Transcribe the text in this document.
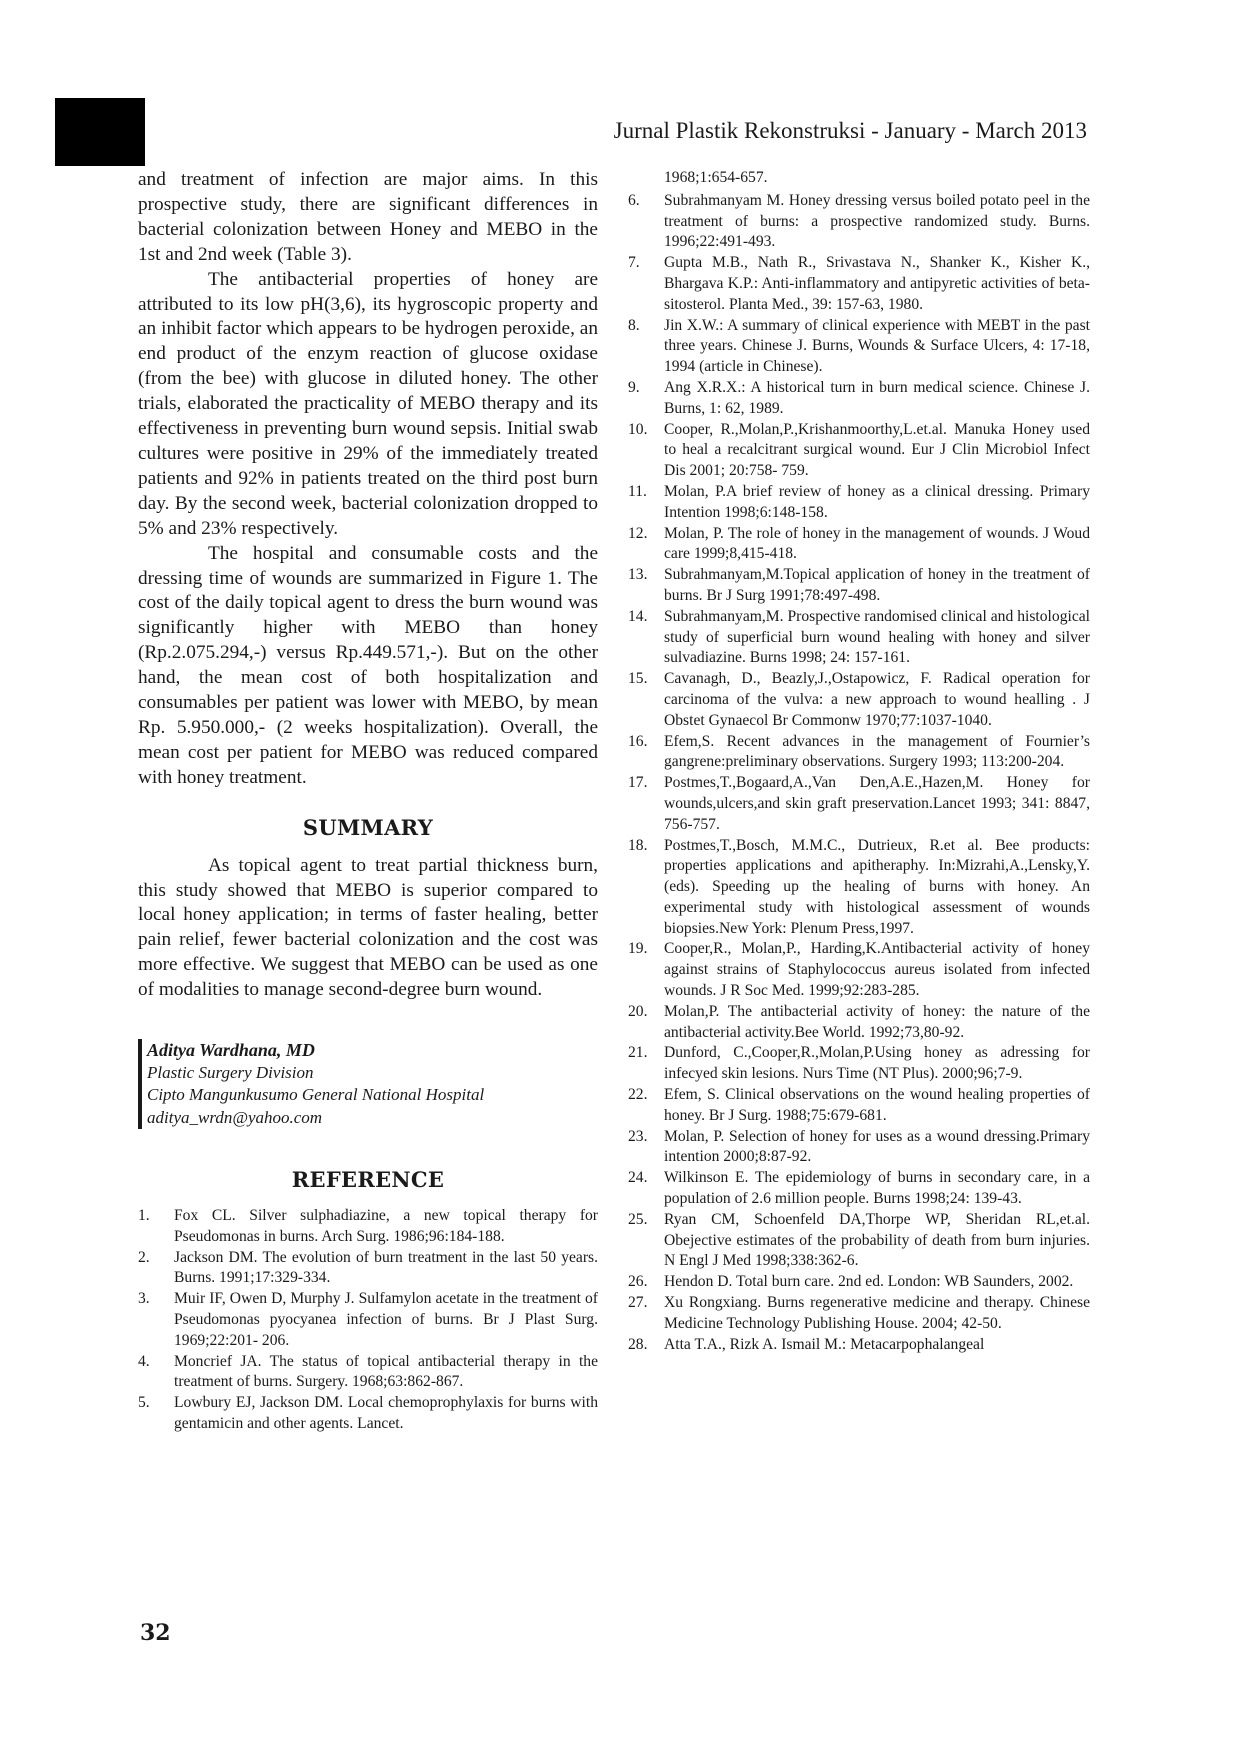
Jurnal Plastik Rekonstruksi - January - March 2013

and treatment of infection are major aims. In this prospective study, there are significant differences in bacterial colonization between Honey and MEBO in the 1st and 2nd week (Table 3).

The antibacterial properties of honey are attributed to its low pH(3,6), its hygroscopic property and an inhibit factor which appears to be hydrogen peroxide, an end product of the enzym reaction of glucose oxidase (from the bee) with glucose in diluted honey. The other trials, elaborated the practicality of MEBO therapy and its effectiveness in preventing burn wound sepsis. Initial swab cultures were positive in 29% of the immediately treated patients and 92% in patients treated on the third post burn day. By the second week, bacterial colonization dropped to 5% and 23% respectively.

The hospital and consumable costs and the dressing time of wounds are summarized in Figure 1. The cost of the daily topical agent to dress the burn wound was significantly higher with MEBO than honey (Rp.2.075.294,-) versus Rp.449.571,-). But on the other hand, the mean cost of both hospitalization and consumables per patient was lower with MEBO, by mean Rp. 5.950.000,- (2 weeks hospitalization). Overall, the mean cost per patient for MEBO was reduced compared with honey treatment.

SUMMARY

As topical agent to treat partial thickness burn, this study showed that MEBO is superior compared to local honey application; in terms of faster healing, better pain relief, fewer bacterial colonization and the cost was more effective. We suggest that MEBO can be used as one of modalities to manage second-degree burn wound.

Aditya Wardhana, MD
Plastic Surgery Division
Cipto Mangunkusumo General National Hospital
aditya_wrdn@yahoo.com
REFERENCE
1.	Fox CL. Silver sulphadiazine, a new topical therapy for Pseudomonas in burns. Arch Surg. 1986;96:184-188.
2.	Jackson DM. The evolution of burn treatment in the last 50 years. Burns. 1991;17:329-334.
3.	Muir IF, Owen D, Murphy J. Sulfamylon acetate in the treatment of Pseudomonas pyocyanea infection of burns. Br J Plast Surg. 1969;22:201- 206.
4.	Moncrief JA. The status of topical antibacterial therapy in the treatment of burns. Surgery. 1968;63:862-867.
5.	Lowbury EJ, Jackson DM. Local chemoprophylaxis for burns with gentamicin and other agents. Lancet.

1968;1:654-657.

6.	Subrahmanyam M. Honey dressing versus boiled potato peel in the treatment of burns: a prospective randomized study. Burns. 1996;22:491-493.
7.	Gupta M.B., Nath R., Srivastava N., Shanker K., Kisher K., Bhargava K.P.: Anti-inflammatory and antipyretic activities of beta-sitosterol. Planta Med., 39: 157-63, 1980.
8.	Jin X.W.: A summary of clinical experience with MEBT in the past three years. Chinese J. Burns, Wounds & Surface Ulcers, 4: 17-18, 1994 (article in Chinese).
9.	Ang X.R.X.: A historical turn in burn medical science. Chinese J. Burns, 1: 62, 1989.
10.	Cooper, R.,Molan,P.,Krishanmoorthy,L.et.al. Manuka Honey used to heal a recalcitrant surgical wound. Eur J Clin Microbiol Infect Dis 2001; 20:758- 759.
11.	Molan, P.A brief review of honey as a clinical dressing. Primary Intention 1998;6:148-158.
12.	Molan, P. The role of honey in the management of wounds. J Woud care 1999;8,415-418.
13.	Subrahmanyam,M.Topical application of honey in the treatment of burns. Br J Surg 1991;78:497-498.
14.	Subrahmanyam,M. Prospective randomised clinical and histological study of superficial burn wound healing with honey and silver sulvadiazine. Burns 1998; 24: 157-161.
15.	Cavanagh, D., Beazly,J.,Ostapowicz, F. Radical operation for carcinoma of the vulva: a new approach to wound healling . J Obstet Gynaecol Br Commonw 1970;77:1037-1040.
16.	Efem,S. Recent advances in the management of Fournier’s gangrene:preliminary observations. Surgery 1993; 113:200-204.
17.	Postmes,T.,Bogaard,A.,Van Den,A.E.,Hazen,M. Honey for wounds,ulcers,and skin graft preservation.Lancet 1993; 341: 8847, 756-757.
18.	Postmes,T.,Bosch, M.M.C., Dutrieux, R.et al. Bee products: properties applications and apitheraphy. In:Mizrahi,A.,Lensky,Y.(eds). Speeding up the healing of burns with honey. An experimental study with histological assessment of wounds biopsies.New York: Plenum Press,1997.
19.	Cooper,R., Molan,P., Harding,K.Antibacterial activity of honey against strains of Staphylococcus aureus isolated from infected wounds. J R Soc Med. 1999;92:283-285.
20.	Molan,P. The antibacterial activity of honey: the nature of the antibacterial activity.Bee World. 1992;73,80-92.
21.	Dunford, C.,Cooper,R.,Molan,P.Using honey as adressing for infecyed skin lesions. Nurs Time (NT Plus). 2000;96;7-9.
22.	Efem, S. Clinical observations on the wound healing properties of honey. Br J Surg. 1988;75:679-681.
23.	Molan, P. Selection of honey for uses as a wound dressing.Primary intention 2000;8:87-92.
24.	Wilkinson E. The epidemiology of burns in secondary care, in a population of 2.6 million people. Burns 1998;24: 139-43.
25.	Ryan CM, Schoenfeld DA,Thorpe WP, Sheridan RL,et.al. Obejective estimates of the probability of death from burn injuries. N Engl J Med 1998;338:362-6.
26.	Hendon D. Total burn care. 2nd ed. London: WB Saunders, 2002.
27.	Xu Rongxiang. Burns regenerative medicine and therapy. Chinese Medicine Technology Publishing House. 2004; 42-50.
28.	Atta T.A., Rizk A. Ismail M.: Metacarpophalangeal
32
